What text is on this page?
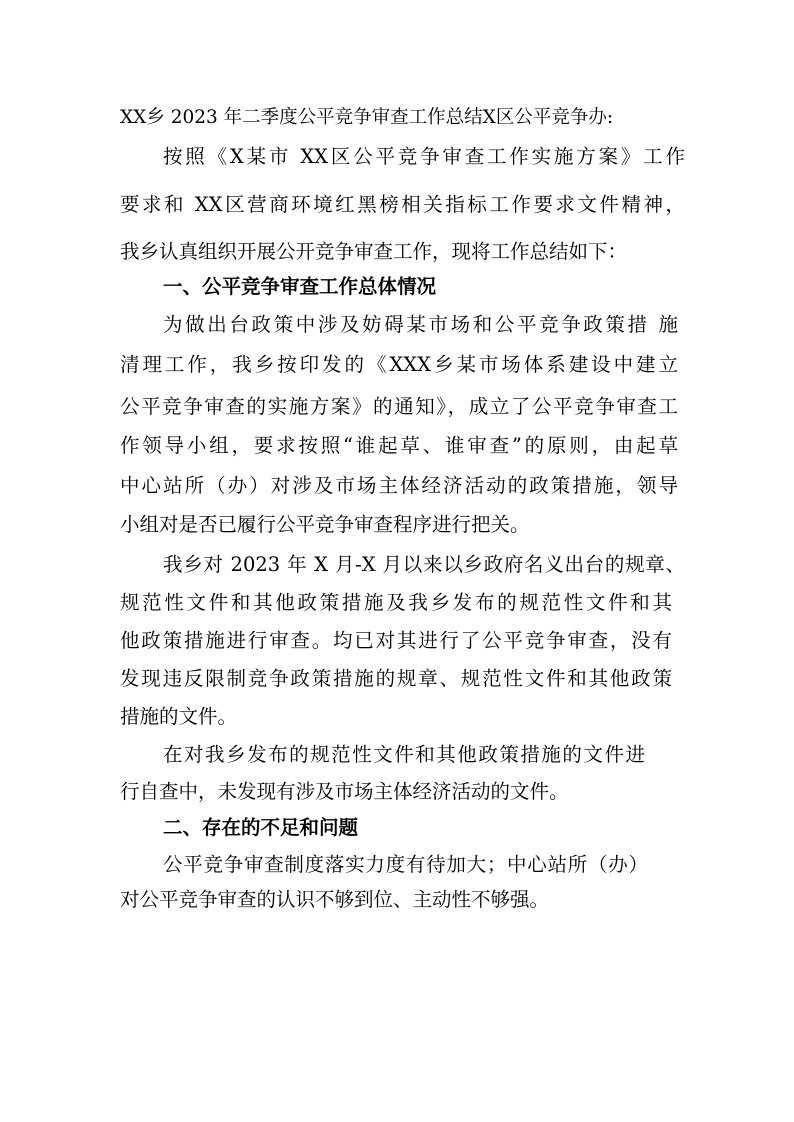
XX乡 2023 年二季度公平竞争审查工作总结X区公平竞争办:

按照《X某市 XX区公平竞争审查工作实施方案》工作

要求和 XX区营商环境红黑榜相关指标工作要求文件精神，

我乡认真组织开展公开竞争审查工作，现将工作总结如下：

一、公平竞争审查工作总体情况

为做出台政策中涉及妨碍某市场和公平竞争政策措 施

清理工作，我乡按印发的《XXX乡某市场体系建设中建立

公平竞争审查的实施方案》的通知》，成立了公平竞争审查工

作领导小组，要求按照“谁起草、谁审查”的原则，由起草

中心站所（办）对涉及市场主体经济活动的政策措施，领导

小组对是否已履行公平竞争审查程序进行把关。

我乡对 2023 年 X 月-X 月以来以乡政府名义出台的规章、

规范性文件和其他政策措施及我乡发布的规范性文件和其

他政策措施进行审查。均已对其进行了公平竞争审查，没有

发现违反限制竞争政策措施的规章、规范性文件和其他政策

措施的文件。

在对我乡发布的规范性文件和其他政策措施的文件进

行自查中，未发现有涉及市场主体经济活动的文件。

二、存在的不足和问题

公平竞争审查制度落实力度有待加大；中心站所（办）

对公平竞争审查的认识不够到位、主动性不够强。
